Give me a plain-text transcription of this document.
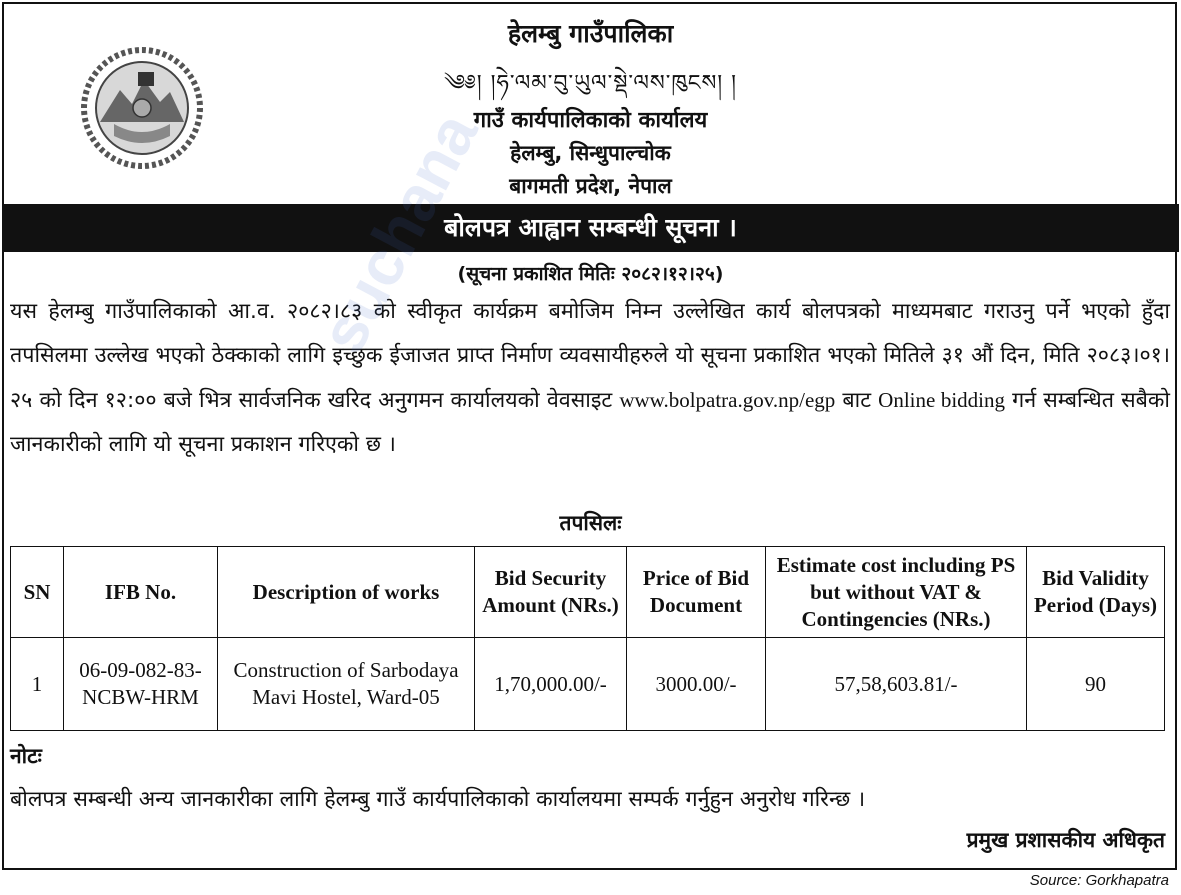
हेलम्बु गाउँपालिका
༄༅། །ཧེ་ལམ་བུ་ཡུལ་སྡེ་ལས་ཁུངས། །
गाउँ कार्यपालिकाको कार्यालय
हेलम्बु, सिन्धुपाल्चोक
बागमती प्रदेश, नेपाल
बोलपत्र आह्वान सम्बन्धी सूचना ।
(सूचना प्रकाशित मितिः २०८२।१२।२५)

यस हेलम्बु गाउँपालिकाको आ.व. २०८२।८३ को स्वीकृत कार्यक्रम बमोजिम निम्न उल्लेखित कार्य बोलपत्रको माध्यमबाट गराउनु पर्ने भएको हुँदा तपसिलमा उल्लेख भएको ठेक्काको लागि इच्छुक ईजाजत प्राप्त निर्माण व्यवसायीहरुले यो सूचना प्रकाशित भएको मितिले ३१ औं दिन, मिति २०८३।०१।२५ को दिन १२:०० बजे भित्र सार्वजनिक खरिद अनुगमन कार्यालयको वेवसाइट www.bolpatra.gov.np/egp बाट Online bidding गर्न सम्बन्धित सबैको जानकारीको लागि यो सूचना प्रकाशन गरिएको छ ।

तपसिलः
SN	IFB No.	Description of works	Bid Security Amount (NRs.)	Price of Bid Document	Estimate cost including PS but without VAT & Contingencies (NRs.)	Bid Validity Period (Days)
1	06-09-082-83-NCBW-HRM	Construction of Sarbodaya Mavi Hostel, Ward-05	1,70,000.00/-	3000.00/-	57,58,603.81/-	90
नोटः
बोलपत्र सम्बन्धी अन्य जानकारीका लागि हेलम्बु गाउँ कार्यपालिकाको कार्यालयमा सम्पर्क गर्नुहुन अनुरोध गरिन्छ ।
प्रमुख प्रशासकीय अधिकृत
Source: Gorkhapatra
suchana
